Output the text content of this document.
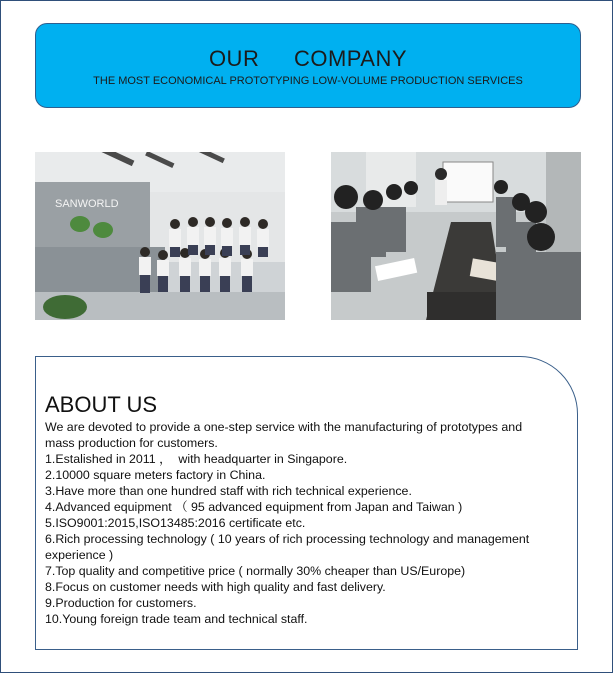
OUR COMPANY
THE MOST ECONOMICAL PROTOTYPING LOW-VOLUME PRODUCTION SERVICES
SANWORLD
ABOUT US
We are devoted to provide a one-step service with the manufacturing of prototypes and mass production for customers.
1.Estalished in 2011 ，  with headquarter in Singapore.
2.10000 square meters factory in China.
3.Have more than one hundred staff with rich technical experience.
4.Advanced equipment （ 95 advanced equipment from Japan and Taiwan )
5.ISO9001:2015,ISO13485:2016 certificate etc.
6.Rich processing technology ( 10 years of rich processing technology and management  experience )
7.Top quality and competitive price ( normally 30% cheaper than US/Europe)
8.Focus on customer needs with high quality and fast delivery.
9.Production for customers.
10.Young foreign trade team and technical staff.
